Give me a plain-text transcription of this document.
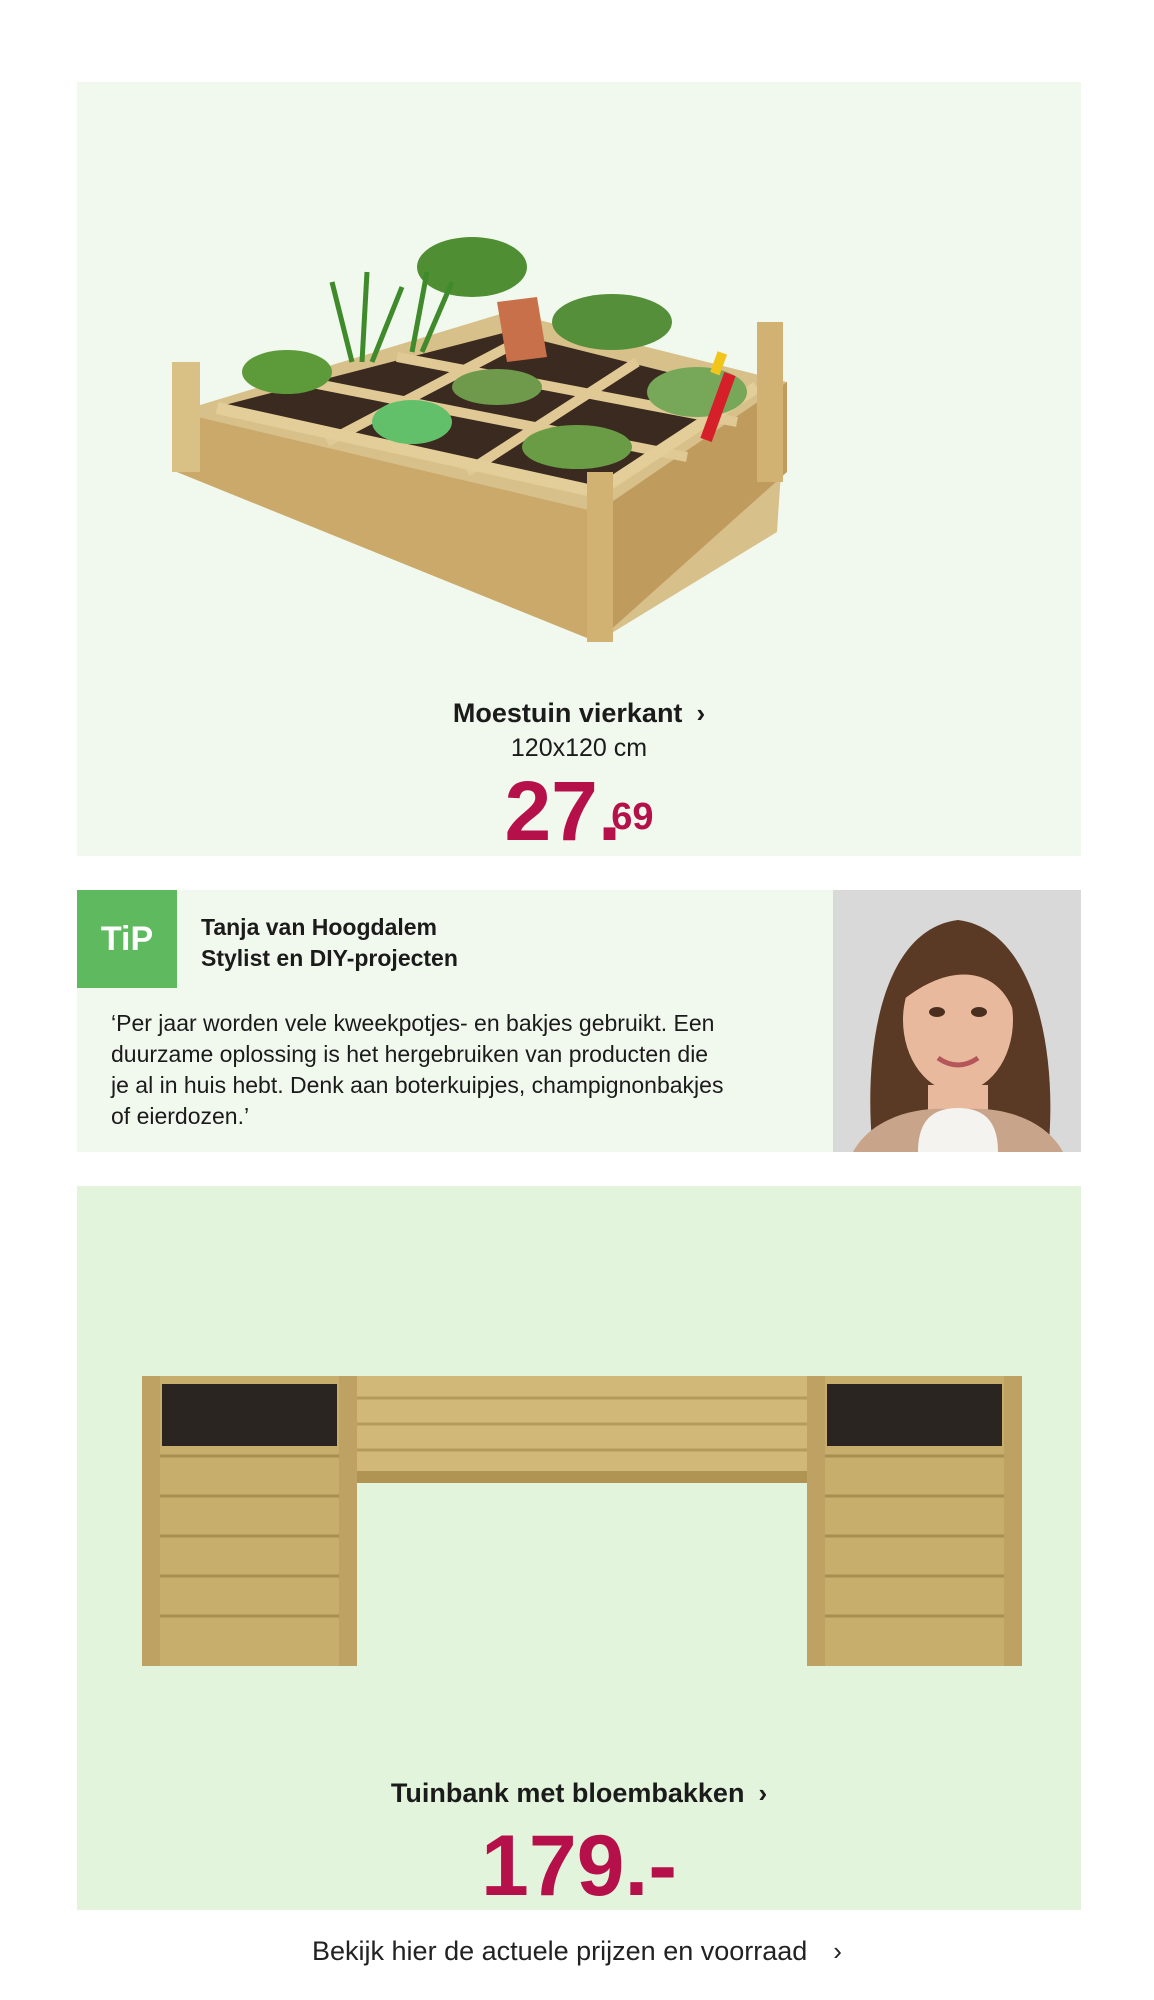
Moestuin vierkant ›
120x120 cm
27.69
TiP	Tanja van Hoogdalem
Stylist en DIY-projecten
‘Per jaar worden vele kweekpotjes- en bakjes gebruikt. Een
duurzame oplossing is het hergebruiken van producten die
je al in huis hebt. Denk aan boterkuipjes, champignonbakjes
of eierdozen.’
Tuinbank met bloembakken ›
179.-
Bekijk hier de actuele prijzen en voorraad ›
